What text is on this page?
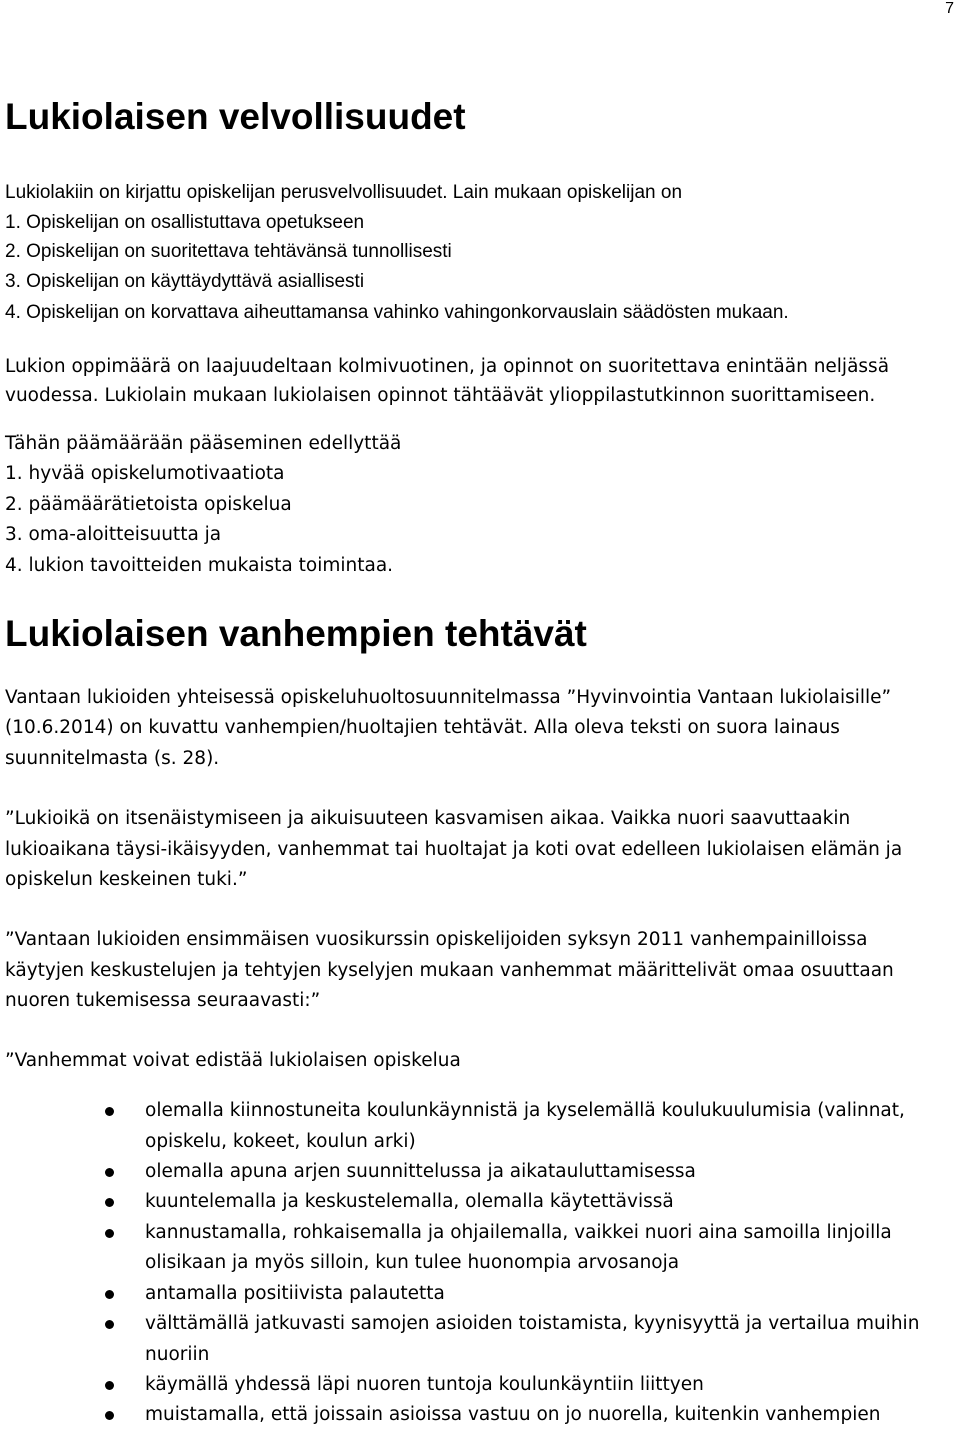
7
Lukiolaisen velvollisuudet

Lukiolakiin on kirjattu opiskelijan perusvelvollisuudet. Lain mukaan opiskelijan on

1. Opiskelijan on osallistuttava opetukseen

2. Opiskelijan on suoritettava tehtävänsä tunnollisesti

3. Opiskelijan on käyttäydyttävä asiallisesti

4. Opiskelijan on korvattava aiheuttamansa vahinko vahingonkorvauslain säädösten mukaan.

Lukion oppimäärä on laajuudeltaan kolmivuotinen, ja opinnot on suoritettava enintään neljässä

vuodessa. Lukiolain mukaan lukiolaisen opinnot tähtäävät ylioppilastutkinnon suorittamiseen.

Tähän päämäärään pääseminen edellyttää

1. hyvää opiskelumotivaatiota

2. päämäärätietoista opiskelua

3. oma-aloitteisuutta ja

4. lukion tavoitteiden mukaista toimintaa.

Lukiolaisen vanhempien tehtävät

Vantaan lukioiden yhteisessä opiskeluhuoltosuunnitelmassa ”Hyvinvointia Vantaan lukiolaisille”

(10.6.2014) on kuvattu vanhempien/huoltajien tehtävät. Alla oleva teksti on suora lainaus

suunnitelmasta (s. 28).

”Lukioikä on itsenäistymiseen ja aikuisuuteen kasvamisen aikaa. Vaikka nuori saavuttaakin

lukioaikana täysi-ikäisyyden, vanhemmat tai huoltajat ja koti ovat edelleen lukiolaisen elämän ja

opiskelun keskeinen tuki.”

”Vantaan lukioiden ensimmäisen vuosikurssin opiskelijoiden syksyn 2011 vanhempainilloissa

käytyjen keskustelujen ja tehtyjen kyselyjen mukaan vanhemmat määrittelivät omaa osuuttaan

nuoren tukemisessa seuraavasti:”

”Vanhemmat voivat edistää lukiolaisen opiskelua

olemalla kiinnostuneita koulunkäynnistä ja kyselemällä koulukuulumisia (valinnat,

opiskelu, kokeet, koulun arki)

olemalla apuna arjen suunnittelussa ja aikatauluttamisessa

kuuntelemalla ja keskustelemalla, olemalla käytettävissä

kannustamalla, rohkaisemalla ja ohjailemalla, vaikkei nuori aina samoilla linjoilla

olisikaan ja myös silloin, kun tulee huonompia arvosanoja

antamalla positiivista palautetta

välttämällä jatkuvasti samojen asioiden toistamista, kyynisyyttä ja vertailua muihin

nuoriin

käymällä yhdessä läpi nuoren tuntoja koulunkäyntiin liittyen

muistamalla, että joissain asioissa vastuu on jo nuorella, kuitenkin vanhempien
